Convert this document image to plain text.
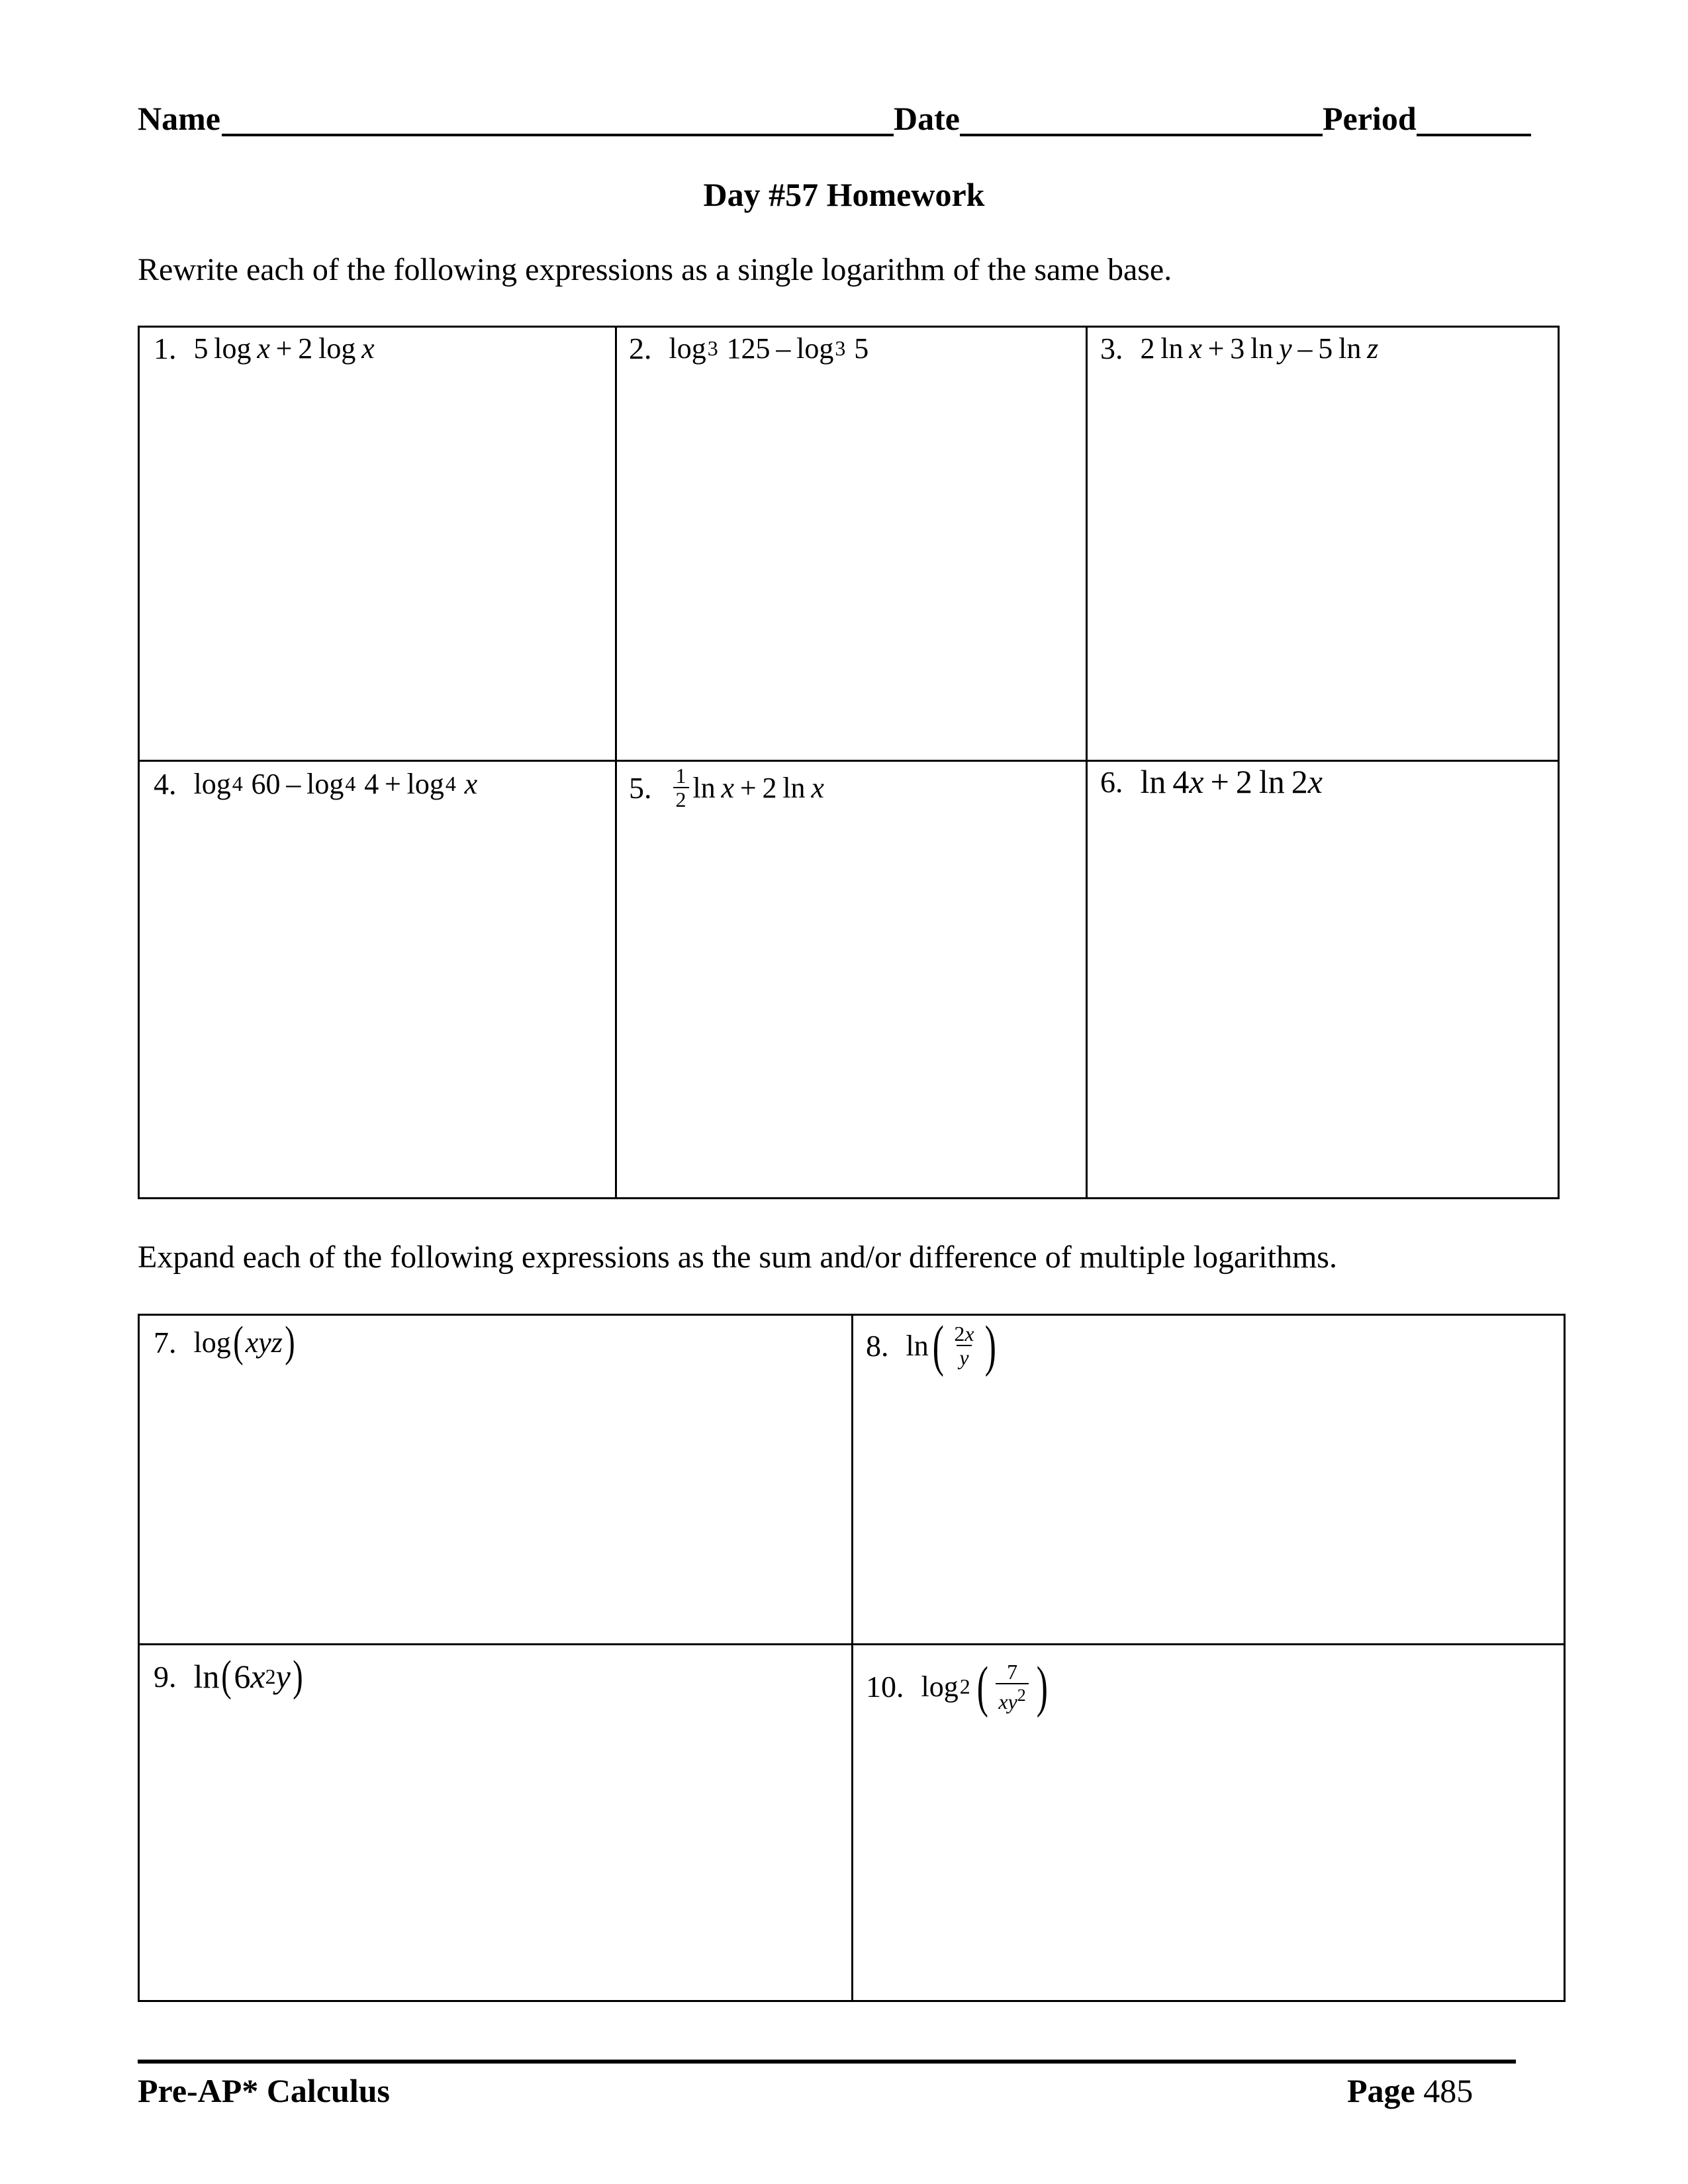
Name	Date	Period
Day #57 Homework
Rewrite each of the following expressions as a single logarithm of the same base.
1. 5 log  x  + 2 log  x	2. log 3  125 – log 3  5	3. 2 ln  x  + 3 ln  y  – 5 ln  z
4. log 4  60 – log 4  4 + log 4
  x	5. $\frac{1}{2}$ ln  x  + 2 ln  x	6. ln 4 x  + 2 ln 2 x
Expand each of the following expressions as the sum and/or difference of multiple logarithms.
7. log ( xyz )	8. ln ( $\frac{2x}{y}$ )
9. ln ( 6 x 2 y )	10. log 2 ( $\frac{7}{xy^2}$ )
Pre-AP* Calculus	Page 485
